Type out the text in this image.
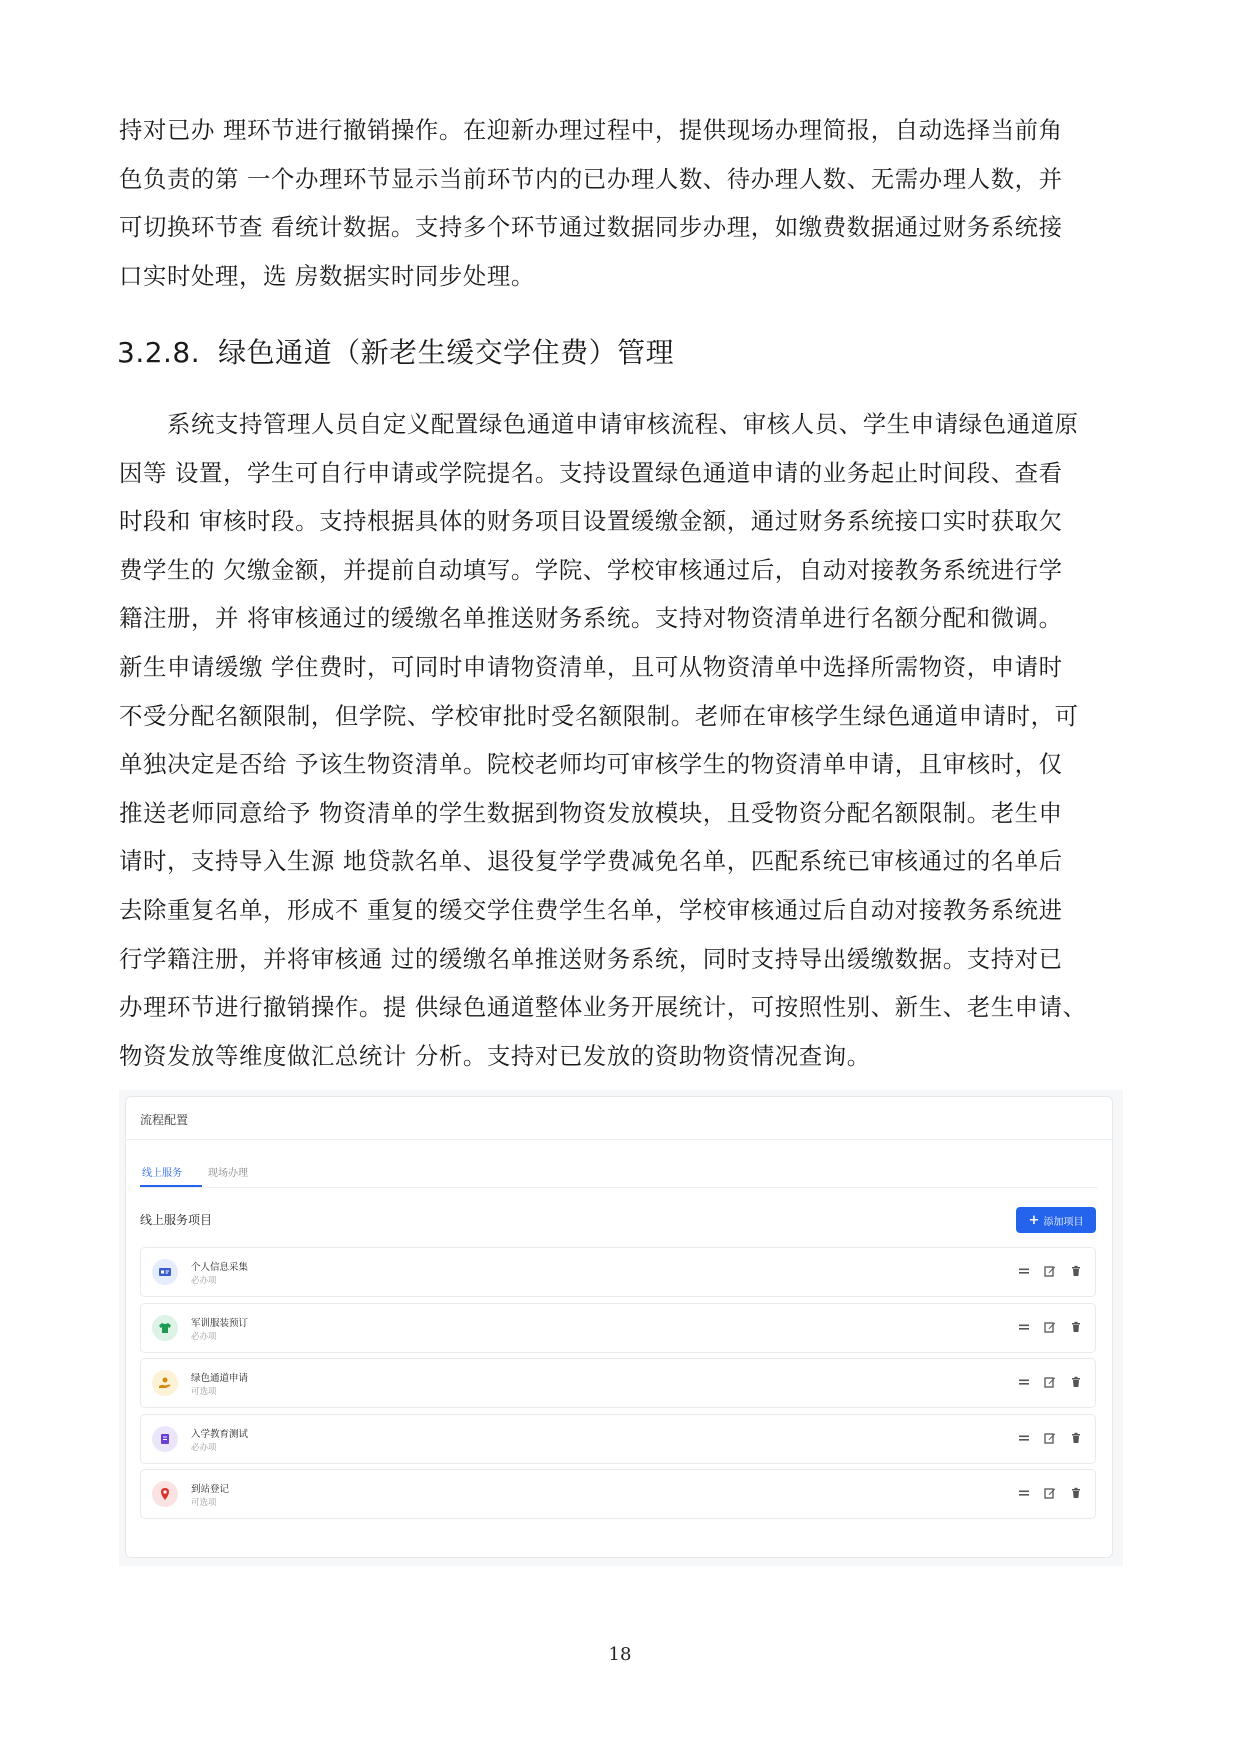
持对已办 理环节进行撤销操作。在迎新办理过程中，提供现场办理简报，自动选择当前角
色负责的第 一个办理环节显示当前环节内的已办理人数、待办理人数、无需办理人数，并
可切换环节查 看统计数据。支持多个环节通过数据同步办理，如缴费数据通过财务系统接
口实时处理，选 房数据实时同步处理。
3.2.8. 绿色通道（新老生缓交学住费）管理
系统支持管理人员自定义配置绿色通道申请审核流程、审核人员、学生申请绿色通道原
因等 设置，学生可自行申请或学院提名。支持设置绿色通道申请的业务起止时间段、查看
时段和 审核时段。支持根据具体的财务项目设置缓缴金额，通过财务系统接口实时获取欠
费学生的 欠缴金额，并提前自动填写。学院、学校审核通过后，自动对接教务系统进行学
籍注册，并 将审核通过的缓缴名单推送财务系统。支持对物资清单进行名额分配和微调。
新生申请缓缴 学住费时，可同时申请物资清单，且可从物资清单中选择所需物资，申请时
不受分配名额限制，但学院、学校审批时受名额限制。老师在审核学生绿色通道申请时，可
单独决定是否给 予该生物资清单。院校老师均可审核学生的物资清单申请，且审核时，仅
推送老师同意给予 物资清单的学生数据到物资发放模块，且受物资分配名额限制。老生申
请时，支持导入生源 地贷款名单、退役复学学费减免名单，匹配系统已审核通过的名单后
去除重复名单，形成不 重复的缓交学住费学生名单，学校审核通过后自动对接教务系统进
行学籍注册，并将审核通 过的缓缴名单推送财务系统，同时支持导出缓缴数据。支持对已
办理环节进行撤销操作。提 供绿色通道整体业务开展统计，可按照性别、新生、老生申请、
物资发放等维度做汇总统计 分析。支持对已发放的资助物资情况查询。
流程配置
线上服务	现场办理
线上服务项目	+ 添加项目
个人信息采集
必办项
军训服装预订
必办项
绿色通道申请
可选项
入学教育测试
必办项
到站登记
可选项
18
